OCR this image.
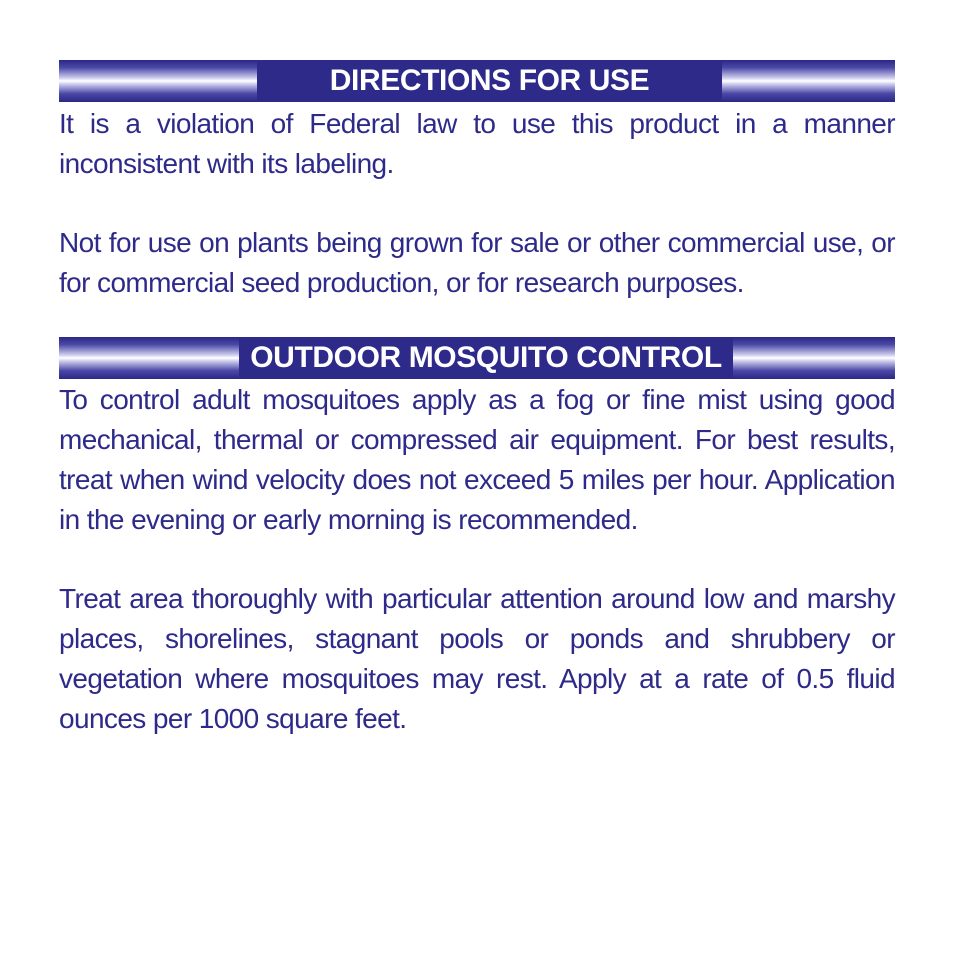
DIRECTIONS FOR USE

It is a violation of Federal law to use this product in a manner inconsistent with its labeling.

Not for use on plants being grown for sale or other commercial use, or for commercial seed production, or for research purposes.

OUTDOOR MOSQUITO CONTROL

To control adult mosquitoes apply as a fog or fine mist using good mechanical, thermal or compressed air equipment. For best results, treat when wind velocity does not exceed 5 miles per hour. Application in the evening or early morning is recommended.

Treat area thoroughly with particular attention around low and marshy places, shorelines, stagnant pools or ponds and shrubbery or vegetation where mosquitoes may rest. Apply at a rate of 0.5 fluid ounces per 1000 square feet.
